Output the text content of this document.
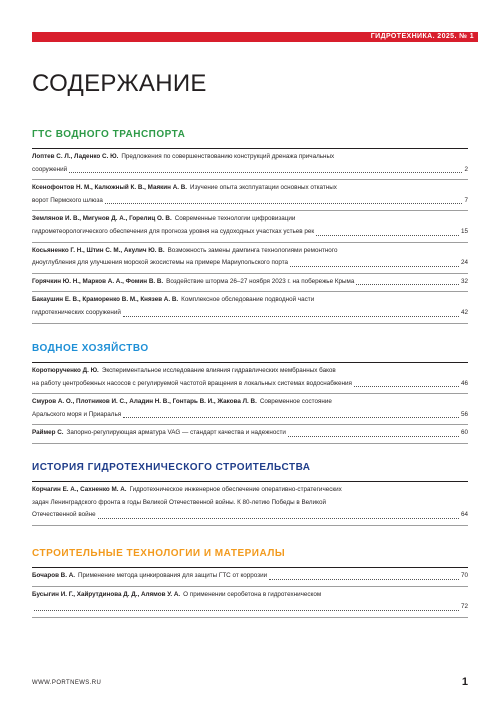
ГИДРОТЕХНИКА. 2025. № 1
СОДЕРЖАНИЕ
ГТС ВОДНОГО ТРАНСПОРТА
Лоптев С. Л., Ладенко С. Ю. Предложения по совершенствованию конструкций дренажа причальных
сооружений	2
Ксенофонтов Н. М., Калюжный К. В., Маякин А. В. Изучение опыта эксплуатации основных откатных
ворот Пермского шлюза	7
Землянов И. В., Мигунов Д. А., Горелиц О. В. Современные технологии цифровизации
гидрометеорологического обеспечения для прогноза уровня на судоходных участках устьев рек	15
Косьяненко Г. Н., Штин С. М., Акулич Ю. В. Возможность замены дампинга технологиями ремонтного
дноуглубления для улучшения морской экосистемы на примере Мариупольского порта	24
Горячкин Ю. Н., Марков А. А., Фомин В. В. Воздействие шторма 26–27 ноября 2023 г. на побережье Крыма	32
Бакаушин Е. В., Краморенко В. М., Князев А. В. Комплексное обследование подводной части
гидротехнических сооружений	42
ВОДНОЕ ХОЗЯЙСТВО
Коротюрученко Д. Ю. Экспериментальное исследование влияния гидравлических мембранных баков
на работу центробежных насосов с регулируемой частотой вращения в локальных системах водоснабжения	46
Смуров А. О., Плотников И. С., Аладин Н. В., Гонтарь В. И., Жакова Л. В. Современное состояние
Аральского моря и Приаралья	56
Раймер С. Запорно-регулирующая арматура VAG — стандарт качества и надежности	60
ИСТОРИЯ ГИДРОТЕХНИЧЕСКОГО СТРОИТЕЛЬСТВА
Корчагин Е. А., Сахненко М. А. Гидротехническое инженерное обеспечение оперативно-стратегических
задач Ленинградского фронта в годы Великой Отечественной войны. К 80-летию Победы в Великой
Отечественной войне	64
СТРОИТЕЛЬНЫЕ ТЕХНОЛОГИИ И МАТЕРИАЛЫ
Бочаров В. А. Применение метода цинкирования для защиты ГТС от коррозии	70
Бусыгин И. Г., Хайрутдинова Д. Д., Алямов У. А. О применении серобетона в гидротехническом
72
WWW.PORTNEWS.RU	1
